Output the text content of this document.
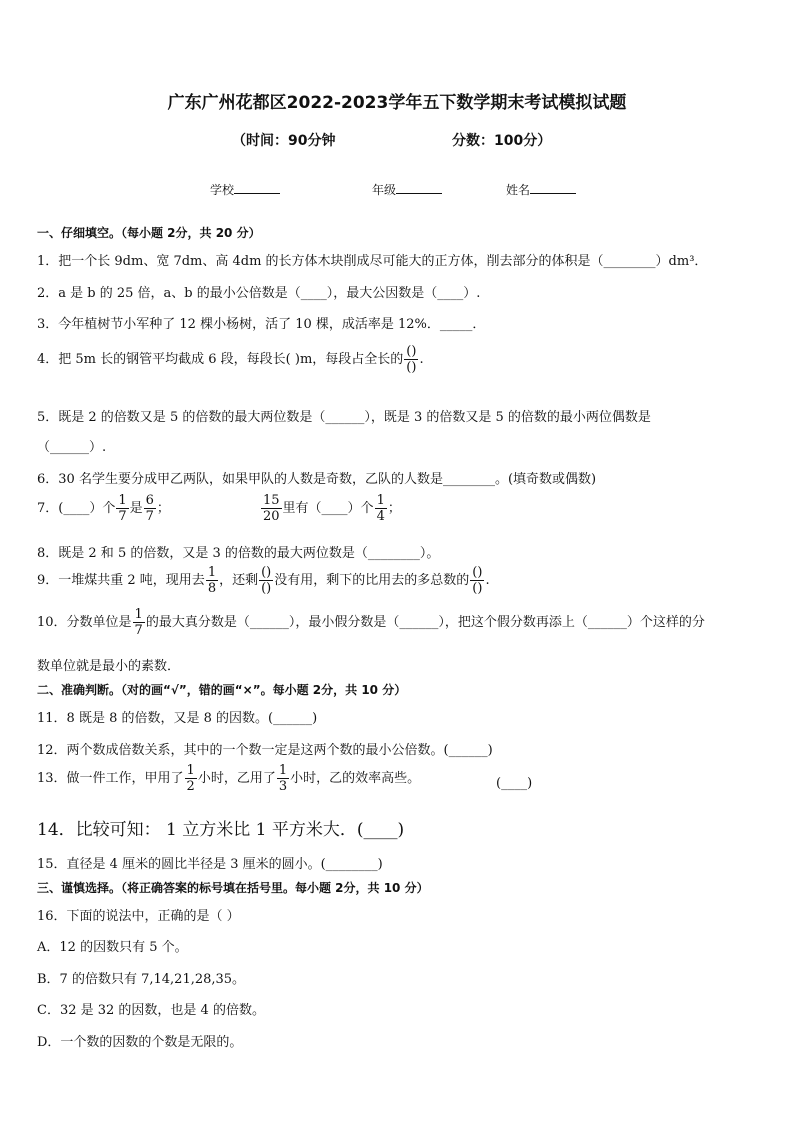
广东广州花都区2022-2023学年五下数学期末考试模拟试题
（时间：90分钟	分数：100分）
学校	年级	姓名
一、仔细填空。（每小题 2分，共 20 分）
1．把一个长 9dm、宽 7dm、高 4dm 的长方体木块削成尽可能大的正方体，削去部分的体积是（________）dm³．
2．a 是 b 的 25 倍，a、b 的最小公倍数是（____），最大公因数是（____）.
3．今年植树节小军种了 12 棵小杨树，活了 10 棵，成活率是 12%．_____．
4．把 5m 长的钢管平均截成 6 段，每段长( )m，每段占全长的 $\frac{()}{()}$ .
5．既是 2 的倍数又是 5 的倍数的最大两位数是（______），既是 3 的倍数又是 5 的倍数的最小两位偶数是
（______）.
6．30 名学生要分成甲乙两队，如果甲队的人数是奇数，乙队的人数是________。(填奇数或偶数)
7．(____）个 $\frac{1}{7}$ 是 $\frac{6}{7}$ ；	$\frac{15}{20}$ 里有（____）个 $\frac{1}{4}$ ；
8．既是 2 和 5 的倍数，又是 3 的倍数的最大两位数是（________）。
9．一堆煤共重 2 吨，现用去 $\frac{1}{8}$ ，还剩 $\frac{()}{()}$ 没有用，剩下的比用去的多总数的 $\frac{()}{()}$ .
10．分数单位是 $\frac{1}{7}$ 的最大真分数是（______），最小假分数是（______），把这个假分数再添上（______）个这样的分
数单位就是最小的素数．
二、准确判断。（对的画“√”，错的画“×”。每小题 2分，共 10 分）
11．8 既是 8 的倍数，又是 8 的因数。(______)
12．两个数成倍数关系，其中的一个数一定是这两个数的最小公倍数。(______)
13．做一件工作，甲用了 $\frac{1}{2}$ 小时，乙用了 $\frac{1}{3}$ 小时，乙的效率高些。	(____)
14．比较可知： 1 立方米比 1 平方米大．(____)
15．直径是 4 厘米的圆比半径是 3 厘米的圆小。(________)
三、谨慎选择。（将正确答案的标号填在括号里。每小题 2分，共 10 分）
16．下面的说法中，正确的是（ ）
A．12 的因数只有 5 个。
B．7 的倍数只有 7,14,21,28,35。
C．32 是 32 的因数，也是 4 的倍数。
D．一个数的因数的个数是无限的。
